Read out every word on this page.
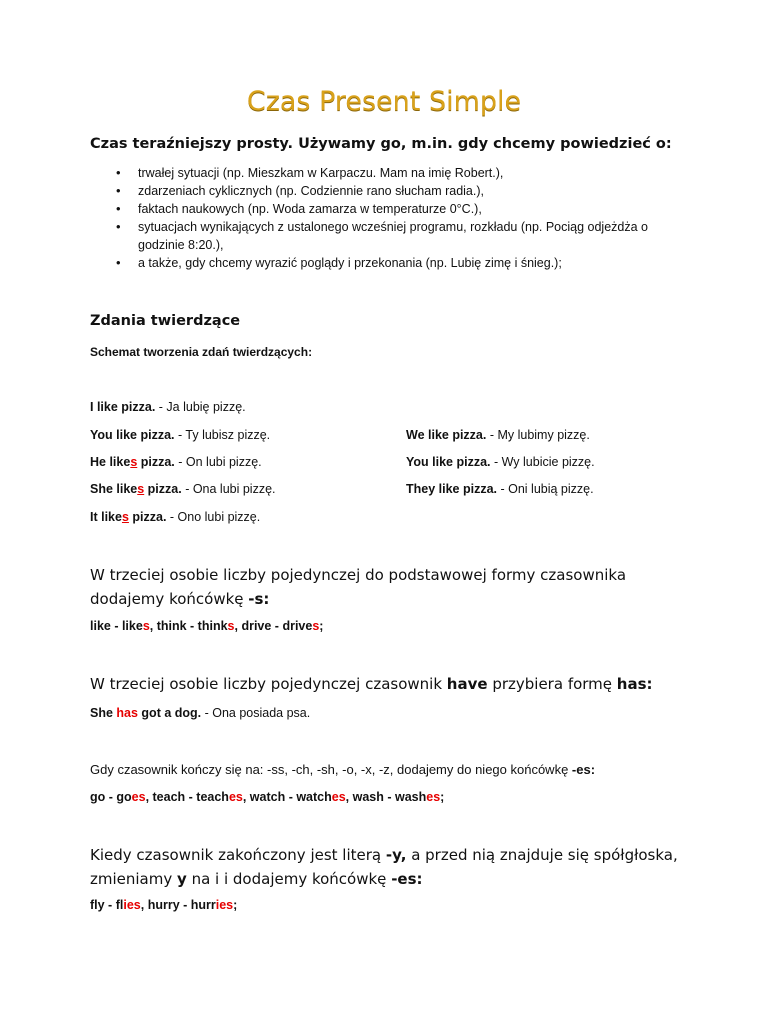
Czas Present Simple
Czas teraźniejszy prosty. Używamy go, m.in. gdy chcemy powiedzieć o:
• trwałej sytuacji (np. Mieszkam w Karpaczu. Mam na imię Robert.),
• zdarzeniach cyklicznych (np. Codziennie rano słucham radia.),
• faktach naukowych (np. Woda zamarza w temperaturze 0°C.),
• sytuacjach wynikających z ustalonego wcześniej programu, rozkładu (np. Pociąg odjeżdża o godzinie 8:20.),
• a także, gdy chcemy wyrazić poglądy i przekonania (np. Lubię zimę i śnieg.);
Zdania twierdzące
Schemat tworzenia zdań twierdzących:
I like pizza. - Ja lubię pizzę.
You like pizza. - Ty lubisz pizzę.
He likes pizza. - On lubi pizzę.
She likes pizza. - Ona lubi pizzę.
It likes pizza. - Ono lubi pizzę.
We like pizza. - My lubimy pizzę.
You like pizza. - Wy lubicie pizzę.
They like pizza. - Oni lubią pizzę.
W trzeciej osobie liczby pojedynczej do podstawowej formy czasownika dodajemy końcówkę -s:
like - likes, think - thinks, drive - drives;
W trzeciej osobie liczby pojedynczej czasownik have przybiera formę has:
She has got a dog. - Ona posiada psa.
Gdy czasownik kończy się na: -ss, -ch, -sh, -o, -x, -z, dodajemy do niego końcówkę -es:
go - goes, teach - teaches, watch - watches, wash - washes;
Kiedy czasownik zakończony jest literą -y, a przed nią znajduje się spółgłoska, zmieniamy y na i i dodajemy końcówkę -es:
fly - flies, hurry - hurries;
